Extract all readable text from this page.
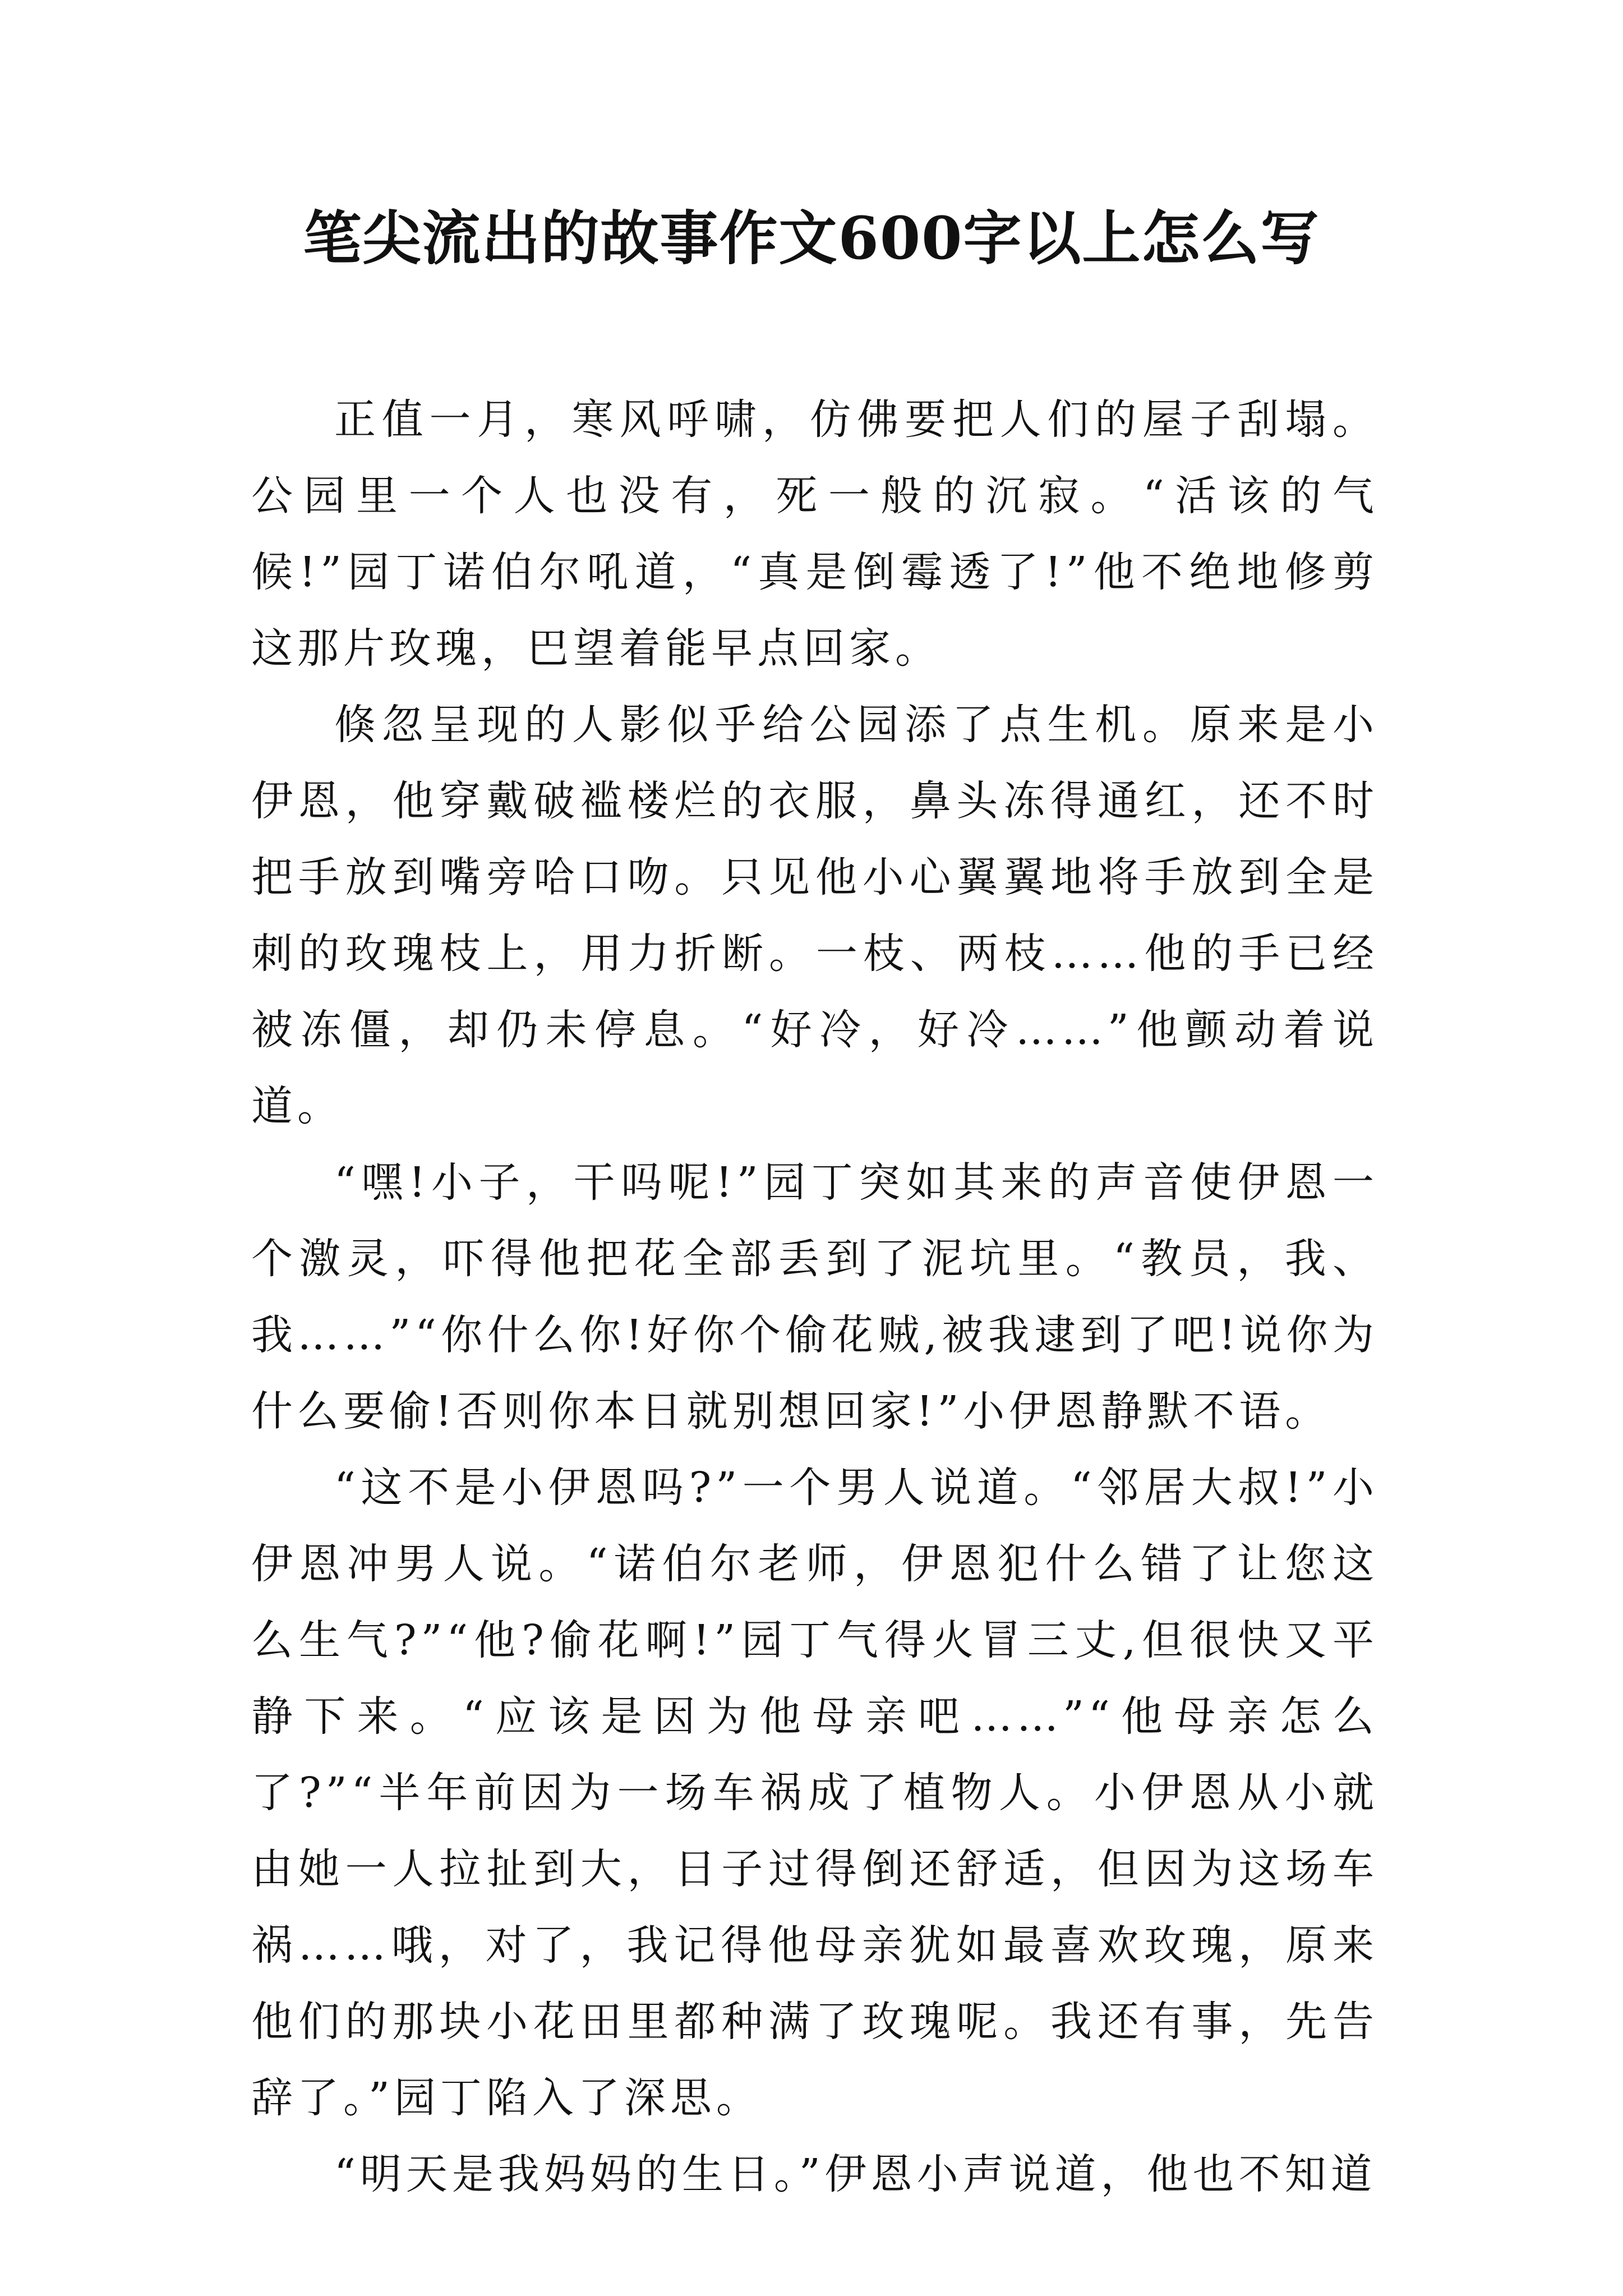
笔尖流出的故事作文600字以上怎么写

正值一月，寒风呼啸，仿佛要把人们的屋子刮塌。公园里一个人也没有，死一般的沉寂。“活该的气候!”园丁诺伯尔吼道，“真是倒霉透了!”他不绝地修剪这那片玫瑰，巴望着能早点回家。

倏忽呈现的人影似乎给公园添了点生机。原来是小伊恩，他穿戴破褴楼烂的衣服，鼻头冻得通红，还不时把手放到嘴旁哈口吻。只见他小心翼翼地将手放到全是刺的玫瑰枝上，用力折断。一枝、两枝……他的手已经被冻僵，却仍未停息。“好冷，好冷……”他颤动着说道。

“嘿!小子，干吗呢!”园丁突如其来的声音使伊恩一个激灵，吓得他把花全部丢到了泥坑里。“教员，我、我……”“你什么你!好你个偷花贼,被我逮到了吧!说你为什么要偷!否则你本日就别想回家!”小伊恩静默不语。

“这不是小伊恩吗?”一个男人说道。“邻居大叔!”小伊恩冲男人说。“诺伯尔老师，伊恩犯什么错了让您这么生气?”“他?偷花啊!”园丁气得火冒三丈,但很快又平静下来。“应该是因为他母亲吧……”“他母亲怎么了?”“半年前因为一场车祸成了植物人。小伊恩从小就由她一人拉扯到大，日子过得倒还舒适，但因为这场车祸……哦，对了，我记得他母亲犹如最喜欢玫瑰，原来他们的那块小花田里都种满了玫瑰呢。我还有事，先告辞了。”园丁陷入了深思。

“明天是我妈妈的生日。”伊恩小声说道，他也不知道
